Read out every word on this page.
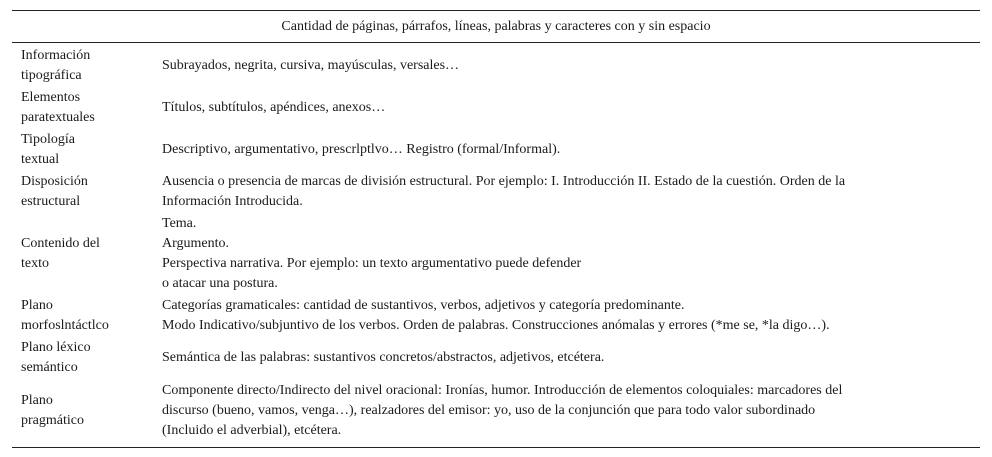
Cantidad de páginas, párrafos, líneas, palabras y caracteres con y sin espacio
Información
tipográfica
Subrayados, negrita, cursiva, mayúsculas, versales…
Elementos
paratextuales
Títulos, subtítulos, apéndices, anexos…
Tipología
textual
Descriptivo, argumentativo, prescrlptlvo… Registro (formal/Informal).
Disposición
estructural
Ausencia o presencia de marcas de división estructural. Por ejemplo: I. Introducción II. Estado de la cuestión. Orden de la
Información Introducida.
Contenido del
texto
Tema.
Argumento.
Perspectiva narrativa. Por ejemplo: un texto argumentativo puede defender
o atacar una postura.
Plano
morfoslntáctlco
Categorías gramaticales: cantidad de sustantivos, verbos, adjetivos y categoría predominante.
Modo Indicativo/subjuntivo de los verbos. Orden de palabras. Construcciones anómalas y errores (*me se, *la digo…).
Plano léxico
semántico
Semántica de las palabras: sustantivos concretos/abstractos, adjetivos, etcétera.
Plano
pragmático
Componente directo/Indirecto del nivel oracional: Ironías, humor. Introducción de elementos coloquiales: marcadores del
discurso (bueno, vamos, venga…), realzadores del emisor: yo, uso de la conjunción que para todo valor subordinado
(Incluido el adverbial), etcétera.
